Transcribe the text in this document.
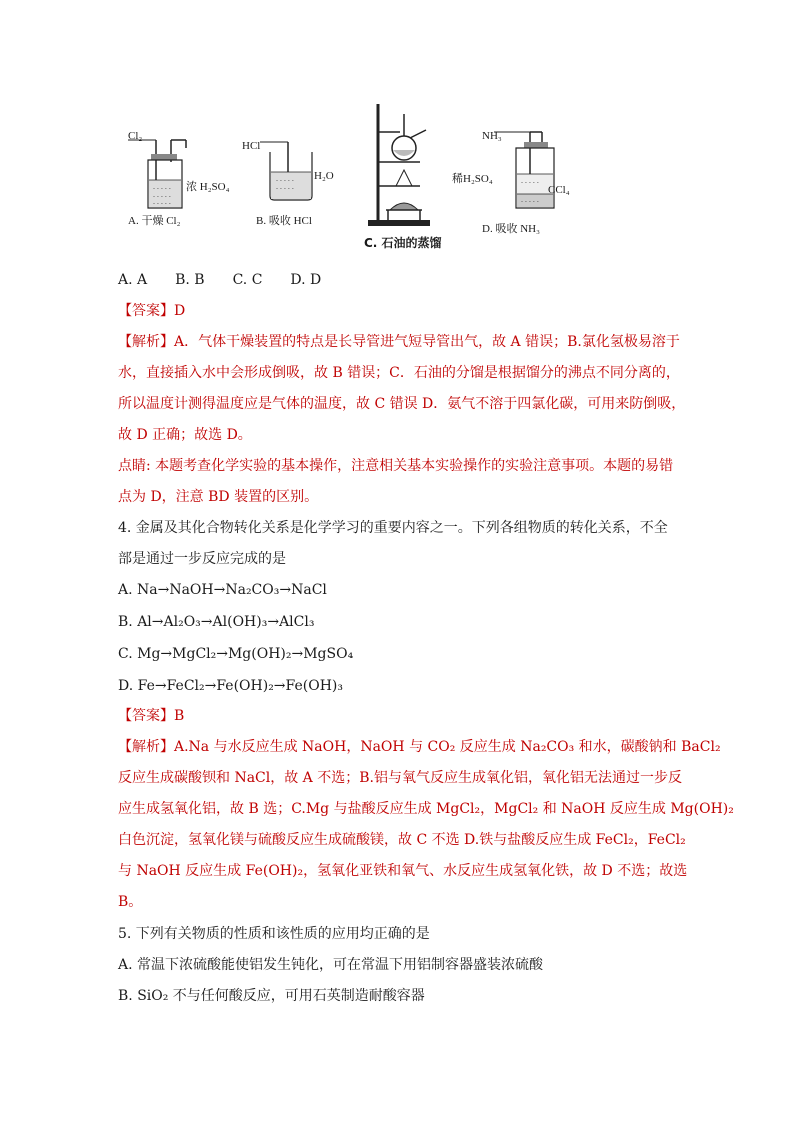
- - - - -
- - - - -
- - - - -
Cl₂
浓 H₂SO₄
A. 干燥 Cl₂
- - - - -
- - - - -
HCl
H₂O
B. 吸收 HCl
C. 石油的蒸馏
- - - - -
- - - - -
NH₃
稀H₂SO₄
CCl₄
D. 吸收 NH₃
A. A　　B. B　　C. C　　D. D
【答案】D
【解析】A．气体干燥装置的特点是长导管进气短导管出气，故 A 错误；B.氯化氢极易溶于
水，直接插入水中会形成倒吸，故 B 错误；C．石油的分馏是根据馏分的沸点不同分离的，
所以温度计测得温度应是气体的温度，故 C 错误 D．氨气不溶于四氯化碳，可用来防倒吸，
故 D 正确；故选 D。
点睛: 本题考查化学实验的基本操作，注意相关基本实验操作的实验注意事项。本题的易错
点为 D，注意 BD 装置的区别。
4. 金属及其化合物转化关系是化学学习的重要内容之一。下列各组物质的转化关系，不全
部是通过一步反应完成的是
A. Na→NaOH→Na₂CO₃→NaCl
B. Al→Al₂O₃→Al(OH)₃→AlCl₃
C. Mg→MgCl₂→Mg(OH)₂→MgSO₄
D. Fe→FeCl₂→Fe(OH)₂→Fe(OH)₃
【答案】B
【解析】A.Na 与水反应生成 NaOH，NaOH 与 CO₂ 反应生成 Na₂CO₃ 和水，碳酸钠和 BaCl₂
反应生成碳酸钡和 NaCl，故 A 不选；B.铝与氧气反应生成氧化铝，氧化铝无法通过一步反
应生成氢氧化铝，故 B 选；C.Mg 与盐酸反应生成 MgCl₂，MgCl₂ 和 NaOH 反应生成 Mg(OH)₂
白色沉淀，氢氧化镁与硫酸反应生成硫酸镁，故 C 不选 D.铁与盐酸反应生成 FeCl₂，FeCl₂
与 NaOH 反应生成 Fe(OH)₂，氢氧化亚铁和氧气、水反应生成氢氧化铁，故 D 不选；故选
B。
5. 下列有关物质的性质和该性质的应用均正确的是
A. 常温下浓硫酸能使铝发生钝化，可在常温下用铝制容器盛装浓硫酸
B. SiO₂ 不与任何酸反应，可用石英制造耐酸容器
